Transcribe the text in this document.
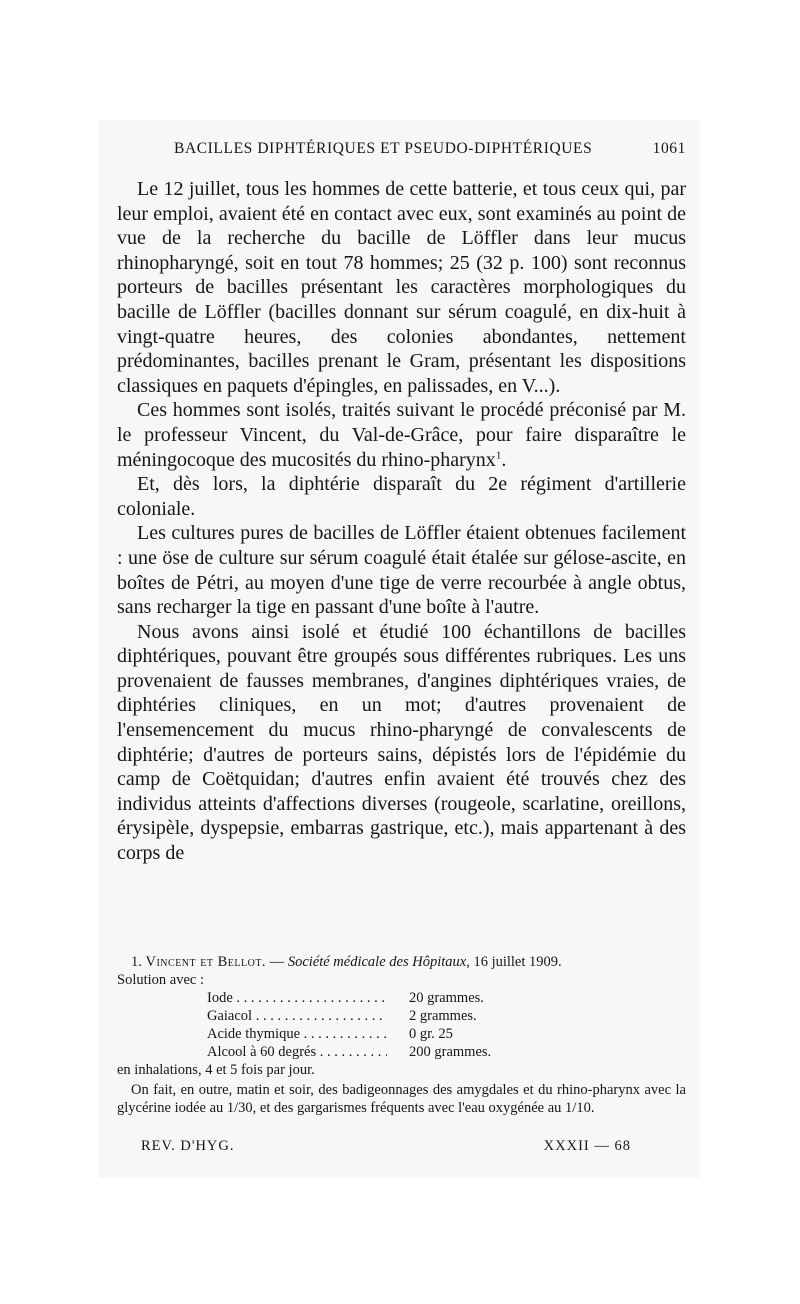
BACILLES DIPHTÉRIQUES ET PSEUDO-DIPHTÉRIQUES	1061

Le 12 juillet, tous les hommes de cette batterie, et tous ceux qui, par leur emploi, avaient été en contact avec eux, sont examinés au point de vue de la recherche du bacille de Löffler dans leur mucus rhinopharyngé, soit en tout 78 hommes; 25 (32 p. 100) sont reconnus porteurs de bacilles présentant les caractères morphologiques du bacille de Löffler (bacilles donnant sur sérum coagulé, en dix-huit à vingt-quatre heures, des colonies abondantes, nettement prédominantes, bacilles prenant le Gram, présentant les dispositions classiques en paquets d'épingles, en palissades, en V...).

Ces hommes sont isolés, traités suivant le procédé préconisé par M. le professeur Vincent, du Val-de-Grâce, pour faire disparaître le méningocoque des mucosités du rhino-pharynx$^1$.

Et, dès lors, la diphtérie disparaît du 2e régiment d'artillerie coloniale.

Les cultures pures de bacilles de Löffler étaient obtenues facilement : une öse de culture sur sérum coagulé était étalée sur gélose-ascite, en boîtes de Pétri, au moyen d'une tige de verre recourbée à angle obtus, sans recharger la tige en passant d'une boîte à l'autre.

Nous avons ainsi isolé et étudié 100 échantillons de bacilles diphtériques, pouvant être groupés sous différentes rubriques. Les uns provenaient de fausses membranes, d'angines diphtériques vraies, de diphtéries cliniques, en un mot; d'autres provenaient de l'ensemencement du mucus rhino-pharyngé de convalescents de diphtérie; d'autres de porteurs sains, dépistés lors de l'épidémie du camp de Coëtquidan; d'autres enfin avaient été trouvés chez des individus atteints d'affections diverses (rougeole, scarlatine, oreillons, érysipèle, dyspepsie, embarras gastrique, etc.), mais appartenant à des corps de

1. Vincent et Bellot. — Société médicale des Hôpitaux, 16 juillet 1909.

Solution avec :

Iode . . .	20 grammes.
Gaiacol . . .	2 grammes.
Acide thymique . . .	0 gr. 25
Alcool à 60 degrés . . .	200 grammes.

en inhalations, 4 et 5 fois par jour.

On fait, en outre, matin et soir, des badigeonnages des amygdales et du rhino-pharynx avec la glycérine iodée au 1/30, et des gargarismes fréquents avec l'eau oxygénée au 1/10.

REV. D'HYG.	XXXII — 68
